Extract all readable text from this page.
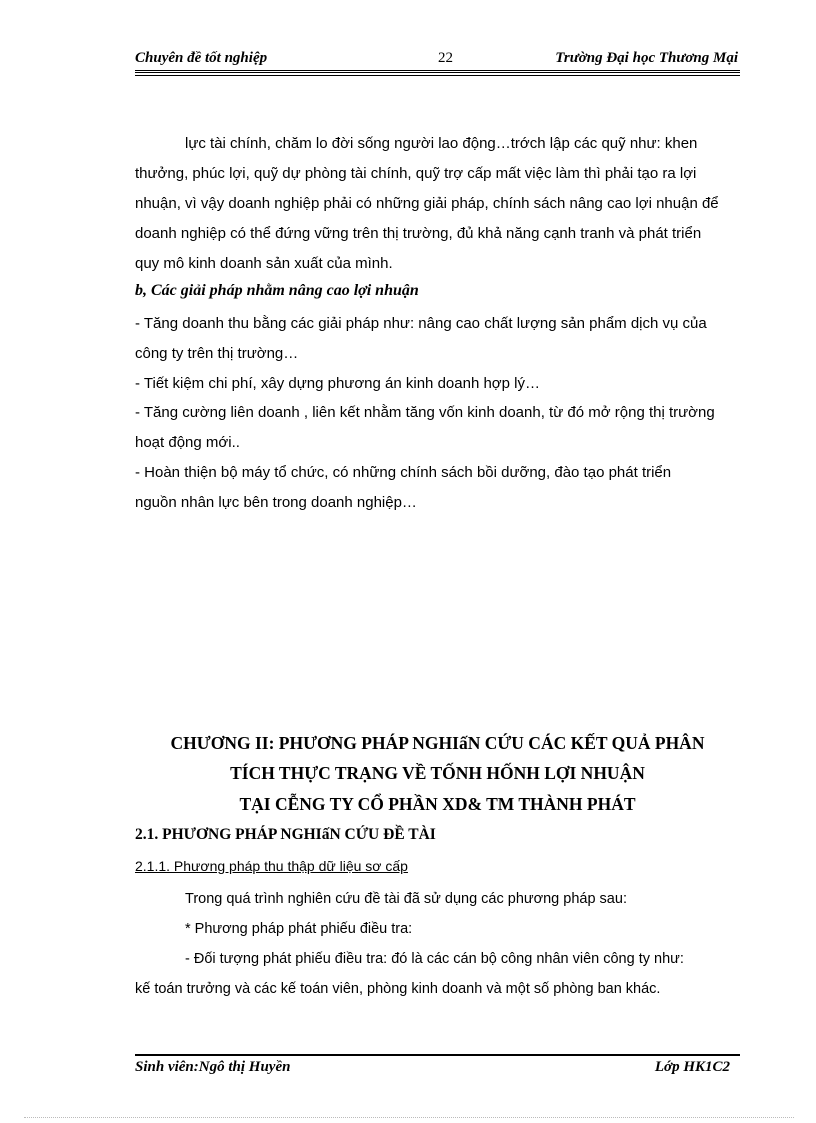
Chuyên đề tốt nghiệp	22	Trường Đại học Thương Mại
lực tài chính, chăm lo đời sống người lao động…trớch lập các quỹ như: khen
thưởng, phúc lợi, quỹ dự phòng tài chính, quỹ trợ cấp mất việc làm thì phải tạo ra lợi
nhuận, vì vậy doanh nghiệp phải có những giải pháp, chính sách nâng cao lợi nhuận để
doanh nghiệp có thể đứng vững trên thị trường, đủ khả năng cạnh tranh và phát triển
quy mô kinh doanh sản xuất của mình.
b, Các giải pháp nhằm nâng cao lợi nhuận
- Tăng doanh thu bằng các giải pháp như: nâng cao chất lượng sản phẩm dịch vụ của
công ty trên thị trường…
- Tiết kiệm chi phí, xây dựng phương án kinh doanh hợp lý…
- Tăng cường liên doanh , liên kết nhằm tăng vốn kinh doanh, từ đó mở rộng thị trường
hoạt động mới..
- Hoàn thiện bộ máy tổ chức, có những chính sách bồi dưỡng, đào tạo phát triển
nguồn nhân lực bên trong doanh nghiệp…
CHƯƠNG II: PHƯƠNG PHÁP NGHIấN CỨU CÁC KẾT QUẢ PHÂN
TÍCH THỰC TRẠNG VỀ TỐNH HỐNH LỢI NHUẬN
TẠI CỄNG TY CỔ PHẦN XD& TM THÀNH PHÁT
2.1. PHƯƠNG PHÁP NGHIấN CỨU ĐỀ TÀI
2.1.1. Phương pháp thu thập dữ liệu sơ cấp
Trong quá trình nghiên cứu đề tài đã sử dụng các phương pháp sau:
* Phương pháp phát phiếu điều tra:
- Đối tượng phát phiếu điều tra: đó là các cán bộ công nhân viên công ty như:
kế toán trưởng và các kế toán viên, phòng kinh doanh và một số phòng ban khác.
Sinh viên:Ngô thị Huyền	Lớp HK1C2
